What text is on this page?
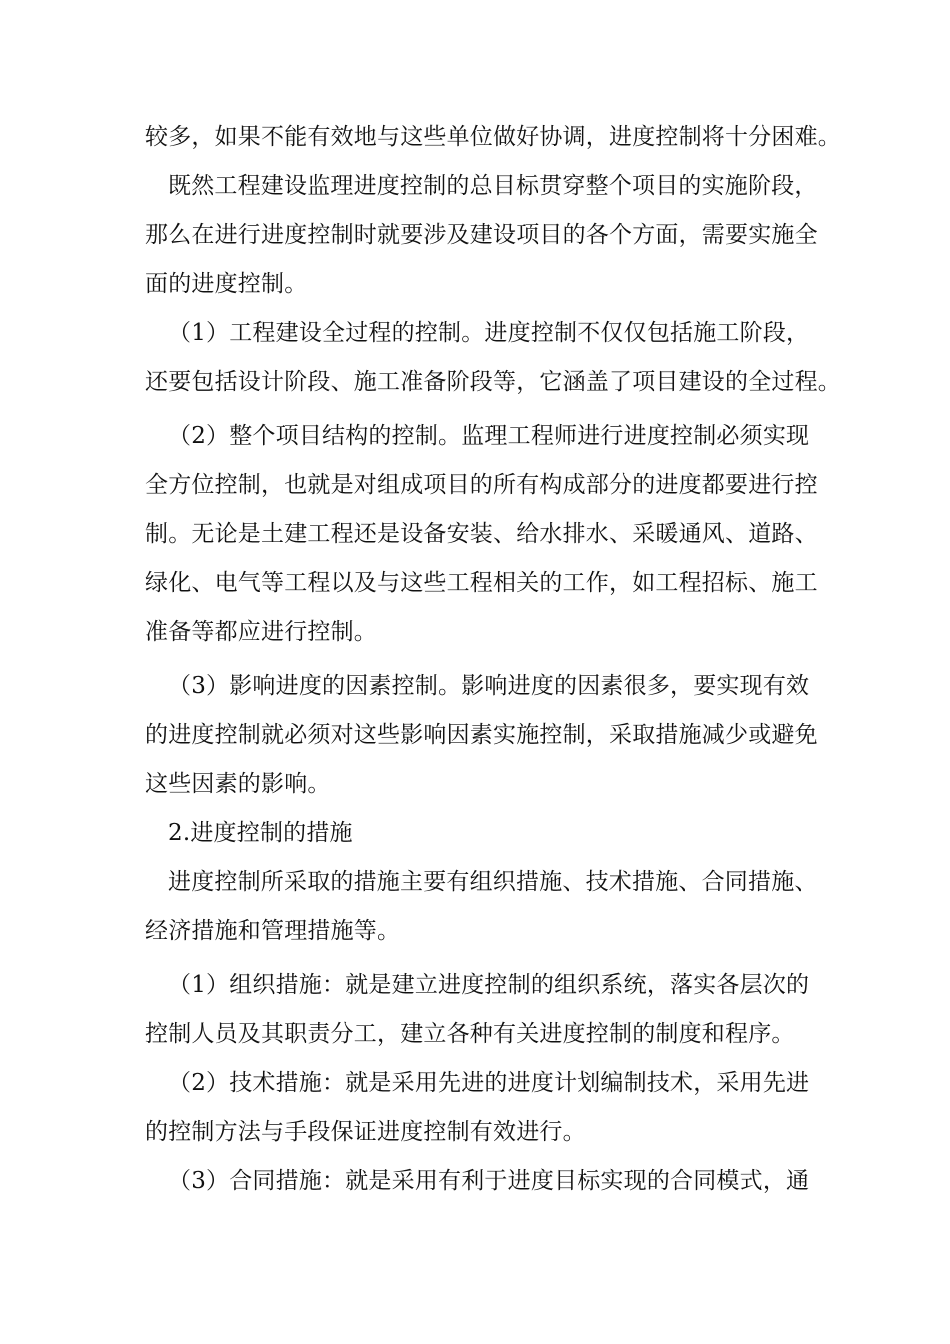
较多，如果不能有效地与这些单位做好协调，进度控制将十分困难。
既然工程建设监理进度控制的总目标贯穿整个项目的实施阶段，
那么在进行进度控制时就要涉及建设项目的各个方面，需要实施全
面的进度控制。
（1）工程建设全过程的控制。进度控制不仅仅包括施工阶段，
还要包括设计阶段、施工准备阶段等，它涵盖了项目建设的全过程。
（2）整个项目结构的控制。监理工程师进行进度控制必须实现
全方位控制，也就是对组成项目的所有构成部分的进度都要进行控
制。无论是土建工程还是设备安装、给水排水、采暖通风、道路、
绿化、电气等工程以及与这些工程相关的工作，如工程招标、施工
准备等都应进行控制。
（3）影响进度的因素控制。影响进度的因素很多，要实现有效
的进度控制就必须对这些影响因素实施控制，采取措施减少或避免
这些因素的影响。
2.进度控制的措施
进度控制所采取的措施主要有组织措施、技术措施、合同措施、
经济措施和管理措施等。
（1）组织措施：就是建立进度控制的组织系统，落实各层次的
控制人员及其职责分工，建立各种有关进度控制的制度和程序。
（2）技术措施：就是采用先进的进度计划编制技术，采用先进
的控制方法与手段保证进度控制有效进行。
（3）合同措施：就是采用有利于进度目标实现的合同模式，通
